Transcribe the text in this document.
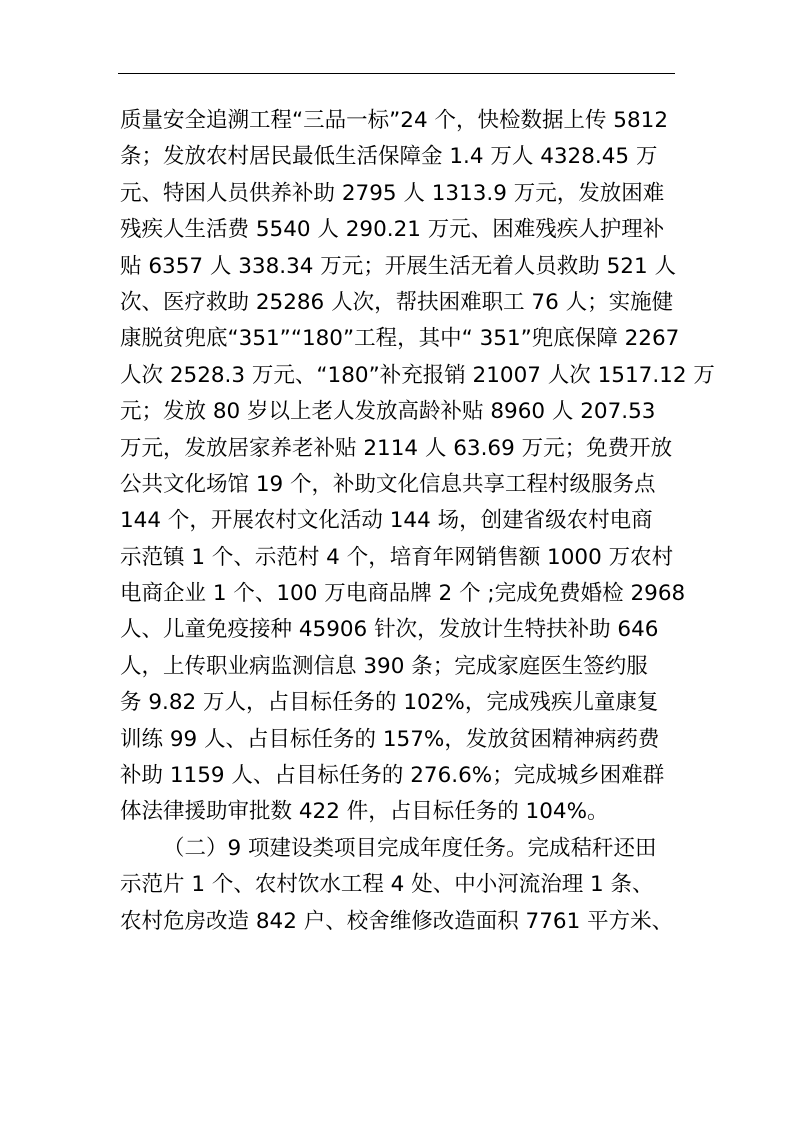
质量安全追溯工程“三品一标”24 个，快检数据上传 5812
条；发放农村居民最低生活保障金 1.4 万人 4328.45 万
元、特困人员供养补助 2795 人 1313.9 万元，发放困难
残疾人生活费 5540 人 290.21 万元、困难残疾人护理补
贴 6357 人 338.34 万元；开展生活无着人员救助 521 人
次、医疗救助 25286 人次，帮扶困难职工 76 人；实施健
康脱贫兜底“351”“180”工程，其中“ 351”兜底保障 2267
人次 2528.3 万元、“180”补充报销 21007 人次 1517.12 万
元；发放 80 岁以上老人发放高龄补贴 8960 人 207.53
万元，发放居家养老补贴 2114 人 63.69 万元；免费开放
公共文化场馆 19 个，补助文化信息共享工程村级服务点
144 个，开展农村文化活动 144 场，创建省级农村电商
示范镇 1 个、示范村 4 个，培育年网销售额 1000 万农村
电商企业 1 个、100 万电商品牌 2 个 ;完成免费婚检 2968
人、儿童免疫接种 45906 针次，发放计生特扶补助 646
人，上传职业病监测信息 390 条；完成家庭医生签约服
务 9.82 万人，占目标任务的 102%，完成残疾儿童康复
训练 99 人、占目标任务的 157%，发放贫困精神病药费
补助 1159 人、占目标任务的 276.6%；完成城乡困难群
体法律援助审批数 422 件，占目标任务的 104%。
（二）9 项建设类项目完成年度任务。完成秸秆还田
示范片 1 个、农村饮水工程 4 处、中小河流治理 1 条、
农村危房改造 842 户、校舍维修改造面积 7761 平方米、
